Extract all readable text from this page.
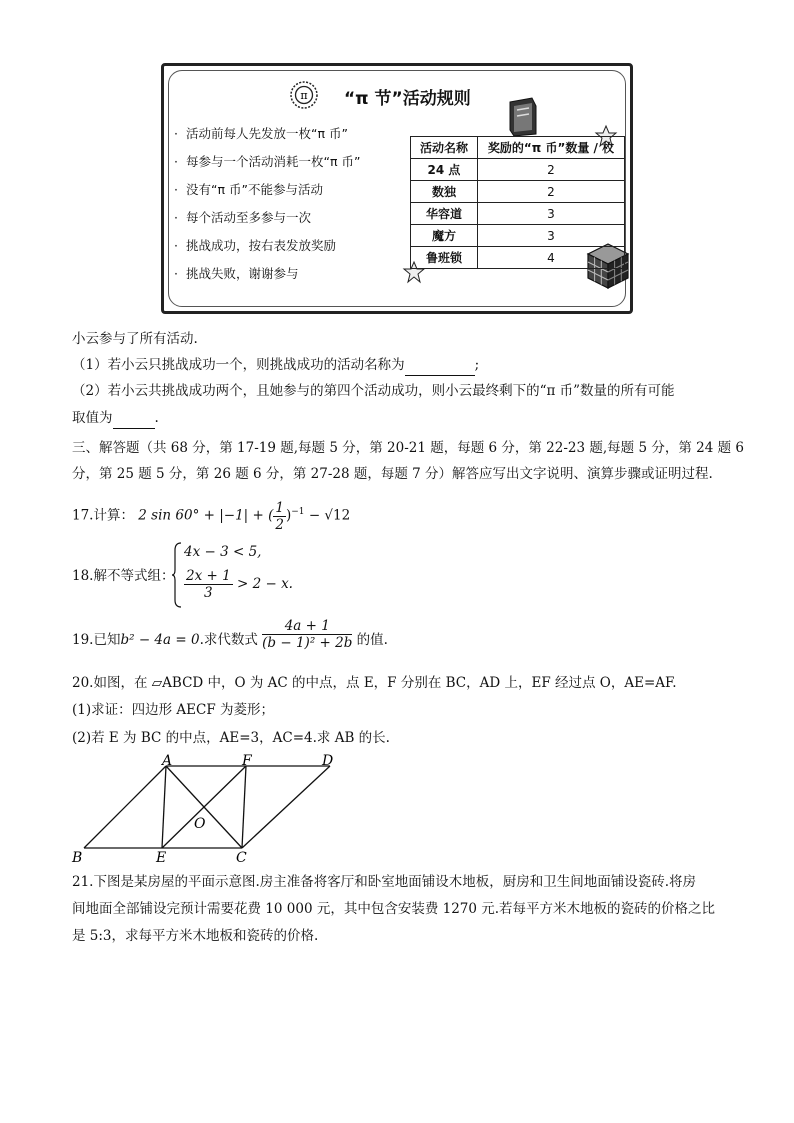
π “π 节”活动规则
· 活动前每人先发放一枚“π 币”
· 每参与一个活动消耗一枚“π 币”
· 没有“π 币”不能参与活动
· 每个活动至多参与一次
· 挑战成功，按右表发放奖励
· 挑战失败，谢谢参与
活动名称	奖励的“π 币”数量 / 枚
24 点	2
数独	2
华容道	3
魔方	3
鲁班锁	4
小云参与了所有活动.
（1）若小云只挑战成功一个，则挑战成功的活动名称为	;
（2）若小云共挑战成功两个，且她参与的第四个活动成功，则小云最终剩下的“π 币”数量的所有可能
取值为	.
三、解答题（共 68 分，第 17-19 题,每题 5 分，第 20-21 题，每题 6 分，第 22-23 题,每题 5 分，第 24 题 6
分，第 25 题 5 分，第 26 题 6 分，第 27-28 题，每题 7 分）解答应写出文字说明、演算步骤或证明过程.
17.计算： 2 sin 60° + |−1| + ( $\frac{1}{2} )^{-1} - √12$
18.解不等式组：
4x − 3 < 5,
$\frac{2x + 1}{3} > 2 - x$.
19.已知b² − 4a = 0.求代数式 $\frac{4a + 1}{\text{(b − 1)² + 2b}}$ 的值.
20.如图，在 ▱ABCD 中，O 为 AC 的中点，点 E，F 分别在 BC，AD 上，EF 经过点 O，AE=AF.
(1)求证：四边形 AECF 为菱形；
(2)若 E 为 BC 的中点，AE=3，AC=4.求 AB 的长.
A	F	D
O
B	E	C
21.下图是某房屋的平面示意图.房主准备将客厅和卧室地面铺设木地板，厨房和卫生间地面铺设瓷砖.将房
间地面全部铺设完预计需要花费 10 000 元，其中包含安装费 1270 元.若每平方米木地板的瓷砖的价格之比
是 5:3，求每平方米木地板和瓷砖的价格.
